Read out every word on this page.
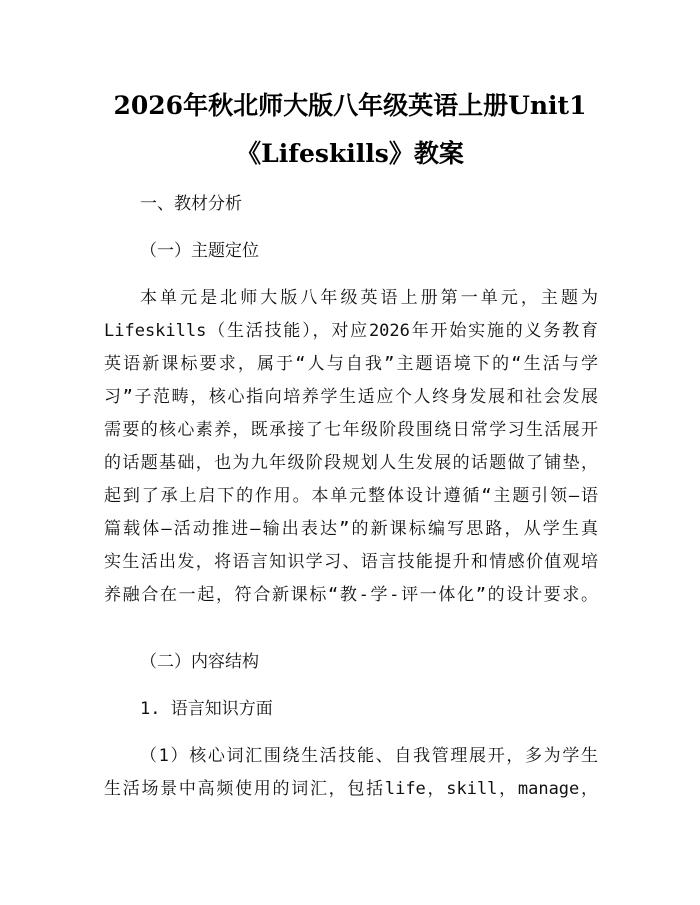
2026年秋北师大版八年级英语上册Unit1
《Lifeskills》教案
一、教材分析
（一）主题定位
本单元是北师大版八年级英语上册第一单元，主题为
Lifeskills（生活技能），对应2026年开始实施的义务教育
英语新课标要求，属于“人与自我”主题语境下的“生活与学
习”子范畴，核心指向培养学生适应个人终身发展和社会发展
需要的核心素养，既承接了七年级阶段围绕日常学习生活展开
的话题基础，也为九年级阶段规划人生发展的话题做了铺垫，
起到了承上启下的作用。本单元整体设计遵循“主题引领—语
篇载体—活动推进—输出表达”的新课标编写思路，从学生真
实生活出发，将语言知识学习、语言技能提升和情感价值观培
养融合在一起，符合新课标“教-学-评一体化”的设计要求。
（二）内容结构
1. 语言知识方面
（1）核心词汇围绕生活技能、自我管理展开，多为学生
生活场景中高频使用的词汇，包括life，skill，manage，
